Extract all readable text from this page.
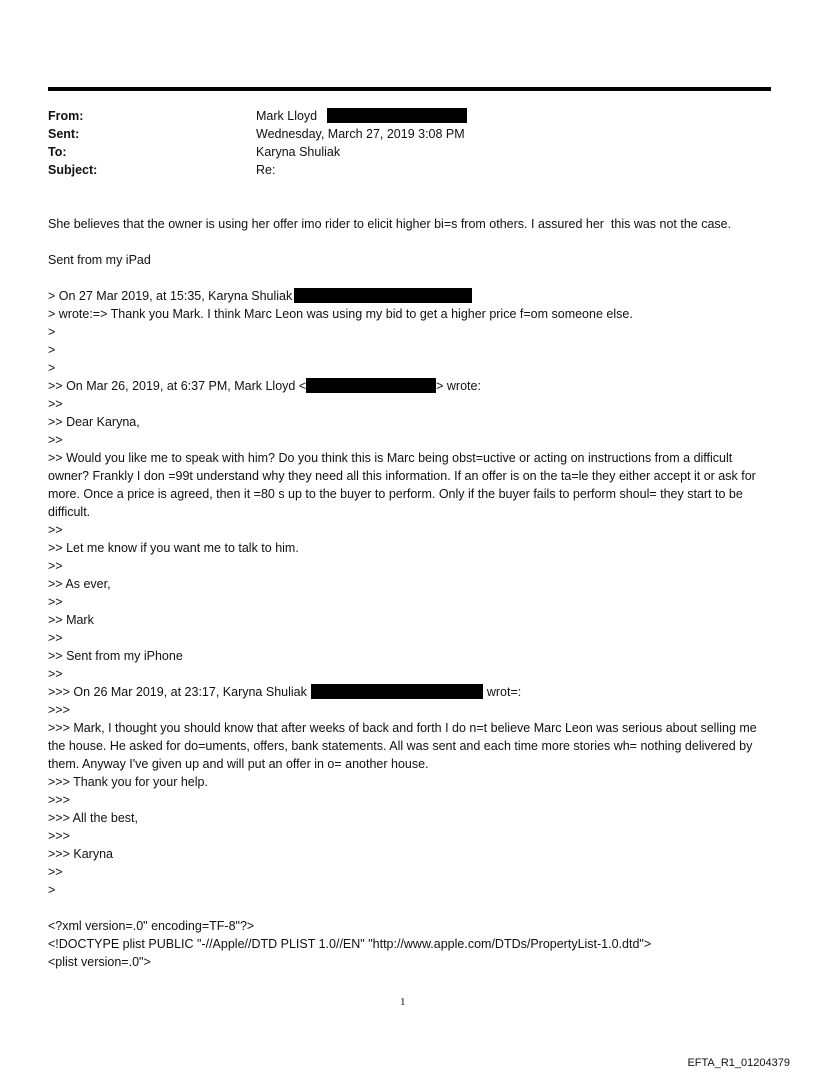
From:	Mark Lloyd
Sent:	Wednesday, March 27, 2019 3:08 PM
To:	Karyna Shuliak
Subject:	Re:

She believes that the owner is using her offer imo rider to elicit higher bi=s from others. I assured her  this was not the case.

Sent from my iPad

> On 27 Mar 2019, at 15:35, Karyna Shuliak

> wrote:=> Thank you Mark. I think Marc Leon was using my bid to get a higher price f=om someone else.

>

>

>

>> On Mar 26, 2019, at 6:37 PM, Mark Lloyd <	> wrote:

>>

>> Dear Karyna,

>>

>> Would you like me to speak with him? Do you think this is Marc being obst=uctive or acting on instructions from a difficult owner? Frankly I don =99t understand why they need all this information. If an offer is on the ta=le they either accept it or ask for more. Once a price is agreed, then it =80 s up to the buyer to perform. Only if the buyer fails to perform shoul= they start to be difficult.

>>

>> Let me know if you want me to talk to him.

>>

>> As ever,

>>

>> Mark

>>

>> Sent from my iPhone

>>

>>> On 26 Mar 2019, at 23:17, Karyna Shuliak	wrot=:

>>>

>>> Mark, I thought you should know that after weeks of back and forth I do n=t believe Marc Leon was serious about selling me the house. He asked for do=uments, offers, bank statements. All was sent and each time more stories wh= nothing delivered by them. Anyway I've given up and will put an offer in o= another house.

>>> Thank you for your help.

>>>

>>> All the best,

>>>

>>> Karyna

>>

>

<?xml version=.0" encoding=TF-8"?>

<!DOCTYPE plist PUBLIC "-//Apple//DTD PLIST 1.0//EN" "http://www.apple.com/DTDs/PropertyList-1.0.dtd">

<plist version=.0">

1
EFTA_R1_01204379
